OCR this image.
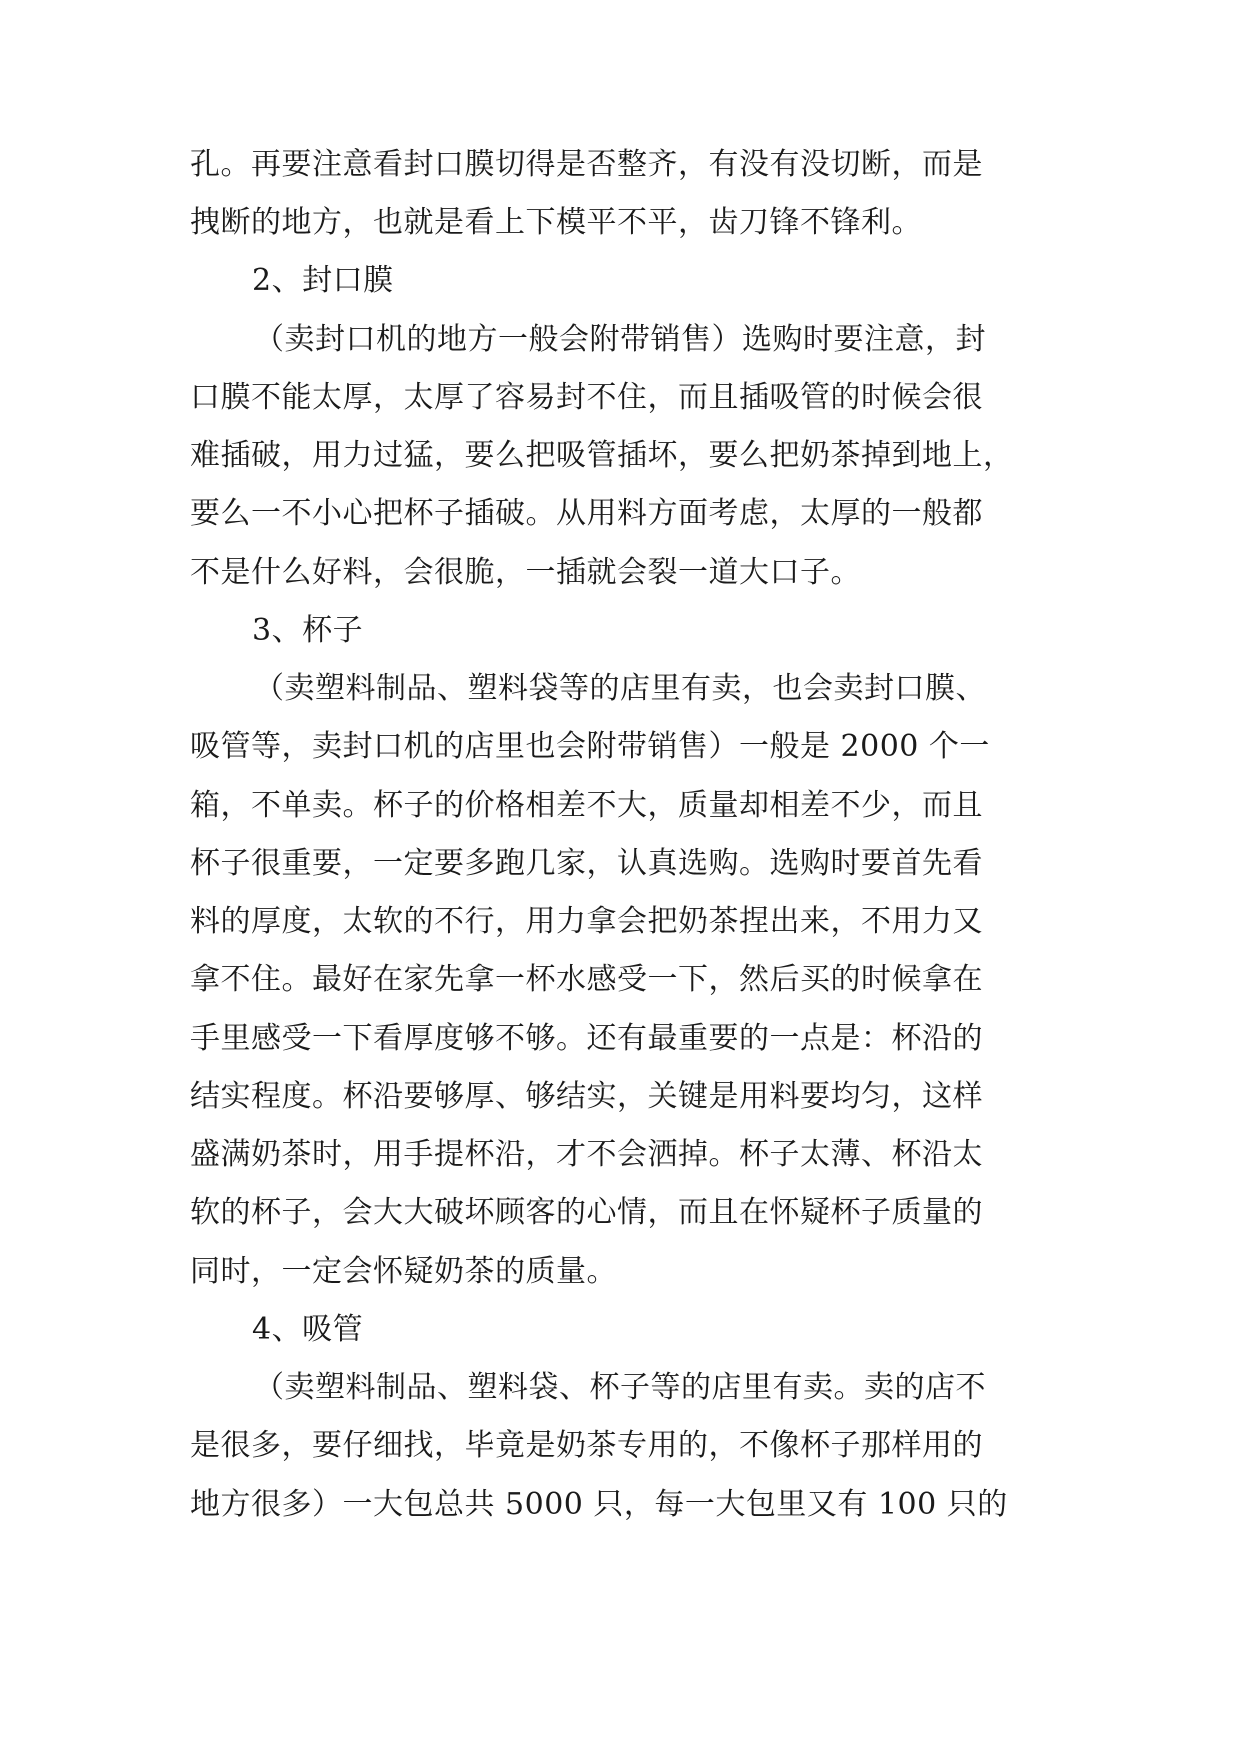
孔。再要注意看封口膜切得是否整齐，有没有没切断，而是
拽断的地方，也就是看上下模平不平，齿刀锋不锋利。
2、封口膜
（卖封口机的地方一般会附带销售）选购时要注意，封
口膜不能太厚，太厚了容易封不住，而且插吸管的时候会很
难插破，用力过猛，要么把吸管插坏，要么把奶茶掉到地上，
要么一不小心把杯子插破。从用料方面考虑，太厚的一般都
不是什么好料，会很脆，一插就会裂一道大口子。
3、杯子
（卖塑料制品、塑料袋等的店里有卖，也会卖封口膜、
吸管等，卖封口机的店里也会附带销售）一般是 2000 个一
箱，不单卖。杯子的价格相差不大，质量却相差不少，而且
杯子很重要，一定要多跑几家，认真选购。选购时要首先看
料的厚度，太软的不行，用力拿会把奶茶捏出来，不用力又
拿不住。最好在家先拿一杯水感受一下，然后买的时候拿在
手里感受一下看厚度够不够。还有最重要的一点是：杯沿的
结实程度。杯沿要够厚、够结实，关键是用料要均匀，这样
盛满奶茶时，用手提杯沿，才不会洒掉。杯子太薄、杯沿太
软的杯子，会大大破坏顾客的心情，而且在怀疑杯子质量的
同时，一定会怀疑奶茶的质量。
4、吸管
（卖塑料制品、塑料袋、杯子等的店里有卖。卖的店不
是很多，要仔细找，毕竟是奶茶专用的，不像杯子那样用的
地方很多）一大包总共 5000 只，每一大包里又有 100 只的
